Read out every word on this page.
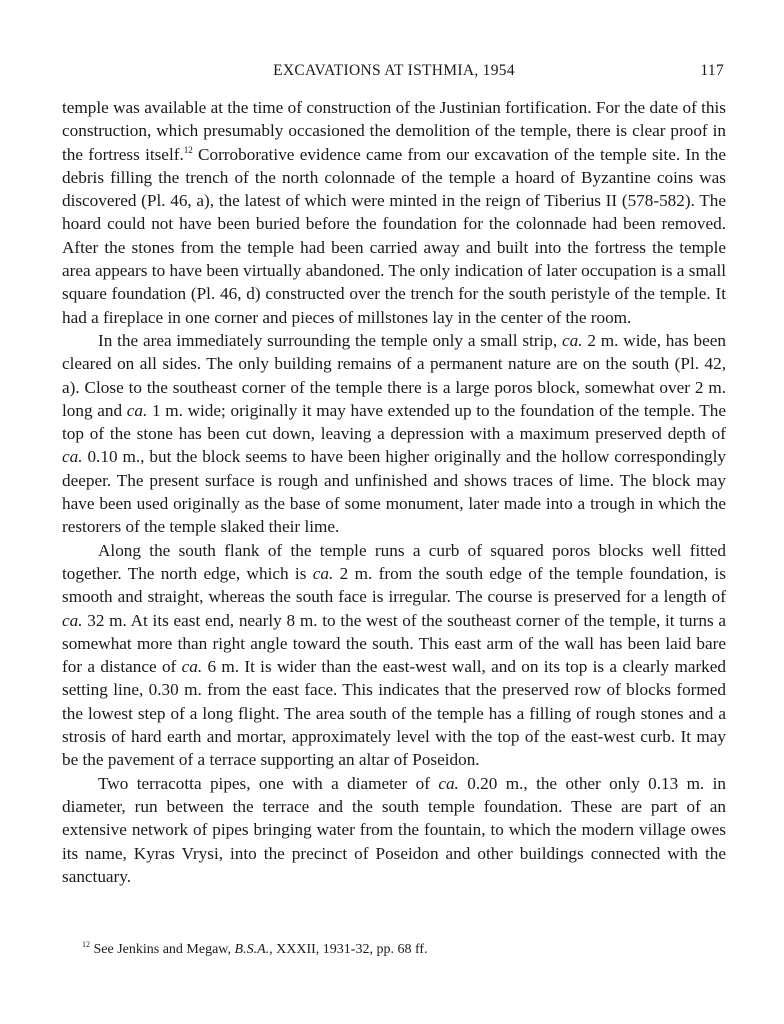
EXCAVATIONS AT ISTHMIA, 1954	117

temple was available at the time of construction of the Justinian fortification. For the date of this construction, which presumably occasioned the demolition of the temple, there is clear proof in the fortress itself.$^{12}$ Corroborative evidence came from our excavation of the temple site. In the debris filling the trench of the north colonnade of the temple a hoard of Byzantine coins was discovered (Pl. 46, a), the latest of which were minted in the reign of Tiberius II (578-582). The hoard could not have been buried before the foundation for the colonnade had been removed. After the stones from the temple had been carried away and built into the fortress the temple area appears to have been virtually abandoned. The only indication of later occupation is a small square foundation (Pl. 46, d) constructed over the trench for the south peristyle of the temple. It had a fireplace in one corner and pieces of millstones lay in the center of the room.

In the area immediately surrounding the temple only a small strip, ca. 2 m. wide, has been cleared on all sides. The only building remains of a permanent nature are on the south (Pl. 42, a). Close to the southeast corner of the temple there is a large poros block, somewhat over 2 m. long and ca. 1 m. wide; originally it may have extended up to the foundation of the temple. The top of the stone has been cut down, leaving a depression with a maximum preserved depth of ca. 0.10 m., but the block seems to have been higher originally and the hollow correspondingly deeper. The present surface is rough and unfinished and shows traces of lime. The block may have been used originally as the base of some monument, later made into a trough in which the restorers of the temple slaked their lime.

Along the south flank of the temple runs a curb of squared poros blocks well fitted together. The north edge, which is ca. 2 m. from the south edge of the temple foundation, is smooth and straight, whereas the south face is irregular. The course is preserved for a length of ca. 32 m. At its east end, nearly 8 m. to the west of the southeast corner of the temple, it turns a somewhat more than right angle toward the south. This east arm of the wall has been laid bare for a distance of ca. 6 m. It is wider than the east-west wall, and on its top is a clearly marked setting line, 0.30 m. from the east face. This indicates that the preserved row of blocks formed the lowest step of a long flight. The area south of the temple has a filling of rough stones and a strosis of hard earth and mortar, approximately level with the top of the east-west curb. It may be the pavement of a terrace supporting an altar of Poseidon.

Two terracotta pipes, one with a diameter of ca. 0.20 m., the other only 0.13 m. in diameter, run between the terrace and the south temple foundation. These are part of an extensive network of pipes bringing water from the fountain, to which the modern village owes its name, Kyras Vrysi, into the precinct of Poseidon and other buildings connected with the sanctuary.

$^{12}$ See Jenkins and Megaw, B.S.A., XXXII, 1931-32, pp. 68 ff.
